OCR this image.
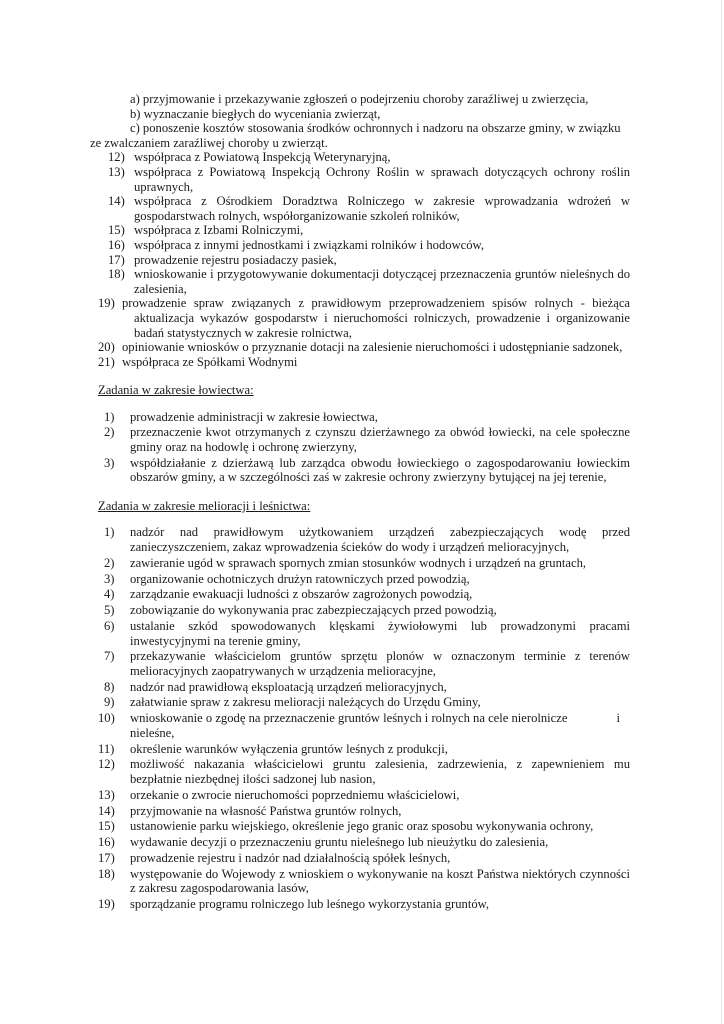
a) przyjmowanie i przekazywanie zgłoszeń o podejrzeniu choroby zaraźliwej u zwierzęcia,
b) wyznaczanie biegłych do wyceniania zwierząt,
c) ponoszenie kosztów stosowania środków ochronnych i nadzoru na obszarze gminy, w związku
ze zwalczaniem zaraźliwej choroby u zwierząt.
12) współpraca z Powiatową Inspekcją Weterynaryjną,
13) współpraca z Powiatową Inspekcją Ochrony Roślin w sprawach dotyczących ochrony roślin
uprawnych,
14) współpraca z Ośrodkiem Doradztwa Rolniczego w zakresie wprowadzania wdrożeń w
gospodarstwach rolnych, współorganizowanie szkoleń rolników,
15) współpraca z Izbami Rolniczymi,
16) współpraca z innymi jednostkami i związkami rolników i hodowców,
17) prowadzenie rejestru posiadaczy pasiek,
18) wnioskowanie i przygotowywanie dokumentacji dotyczącej przeznaczenia gruntów nieleśnych do
zalesienia,
19) prowadzenie spraw związanych z prawidłowym przeprowadzeniem spisów rolnych - bieżąca
aktualizacja wykazów gospodarstw i nieruchomości rolniczych, prowadzenie i organizowanie
badań statystycznych w zakresie rolnictwa,
20) opiniowanie wniosków o przyznanie dotacji na zalesienie nieruchomości i udostępnianie sadzonek,
21) współpraca ze Spółkami Wodnymi
Zadania w zakresie łowiectwa:
1) prowadzenie administracji w zakresie łowiectwa,
2) przeznaczenie kwot otrzymanych z czynszu dzierżawnego za obwód łowiecki, na cele społeczne
gminy oraz na hodowlę i ochronę zwierzyny,
3) współdziałanie z dzierżawą lub zarządca obwodu łowieckiego o zagospodarowaniu łowieckim
obszarów gminy, a w szczególności zaś w zakresie ochrony zwierzyny bytującej na jej terenie,
Zadania w zakresie melioracji i leśnictwa:
1) nadzór nad prawidłowym użytkowaniem urządzeń zabezpieczających wodę przed
zanieczyszczeniem, zakaz wprowadzenia ścieków do wody i urządzeń melioracyjnych,
2) zawieranie ugód w sprawach spornych zmian stosunków wodnych i urządzeń na gruntach,
3) organizowanie ochotniczych drużyn ratowniczych przed powodzią,
4) zarządzanie ewakuacji ludności z obszarów zagrożonych powodzią,
5) zobowiązanie do wykonywania prac zabezpieczających przed powodzią,
6) ustalanie szkód spowodowanych klęskami żywiołowymi lub prowadzonymi pracami
inwestycyjnymi na terenie gminy,
7) przekazywanie właścicielom gruntów sprzętu plonów w oznaczonym terminie z terenów
melioracyjnych zaopatrywanych w urządzenia melioracyjne,
8) nadzór nad prawidłową eksploatacją urządzeń melioracyjnych,
9) załatwianie spraw z zakresu melioracji należących do Urzędu Gminy,
10) wnioskowanie o zgodę na przeznaczenie gruntów leśnych i rolnych na cele nierolnicze	i
nieleśne,
11) określenie warunków wyłączenia gruntów leśnych z produkcji,
12) możliwość nakazania właścicielowi gruntu zalesienia, zadrzewienia, z zapewnieniem mu
bezpłatnie niezbędnej ilości sadzonej lub nasion,
13) orzekanie o zwrocie nieruchomości poprzedniemu właścicielowi,
14) przyjmowanie na własność Państwa gruntów rolnych,
15) ustanowienie parku wiejskiego, określenie jego granic oraz sposobu wykonywania ochrony,
16) wydawanie decyzji o przeznaczeniu gruntu nieleśnego lub nieużytku do zalesienia,
17) prowadzenie rejestru i nadzór nad działalnością spółek leśnych,
18) występowanie do Wojewody z wnioskiem o wykonywanie na koszt Państwa niektórych czynności
z zakresu zagospodarowania lasów,
19) sporządzanie programu rolniczego lub leśnego wykorzystania gruntów,
